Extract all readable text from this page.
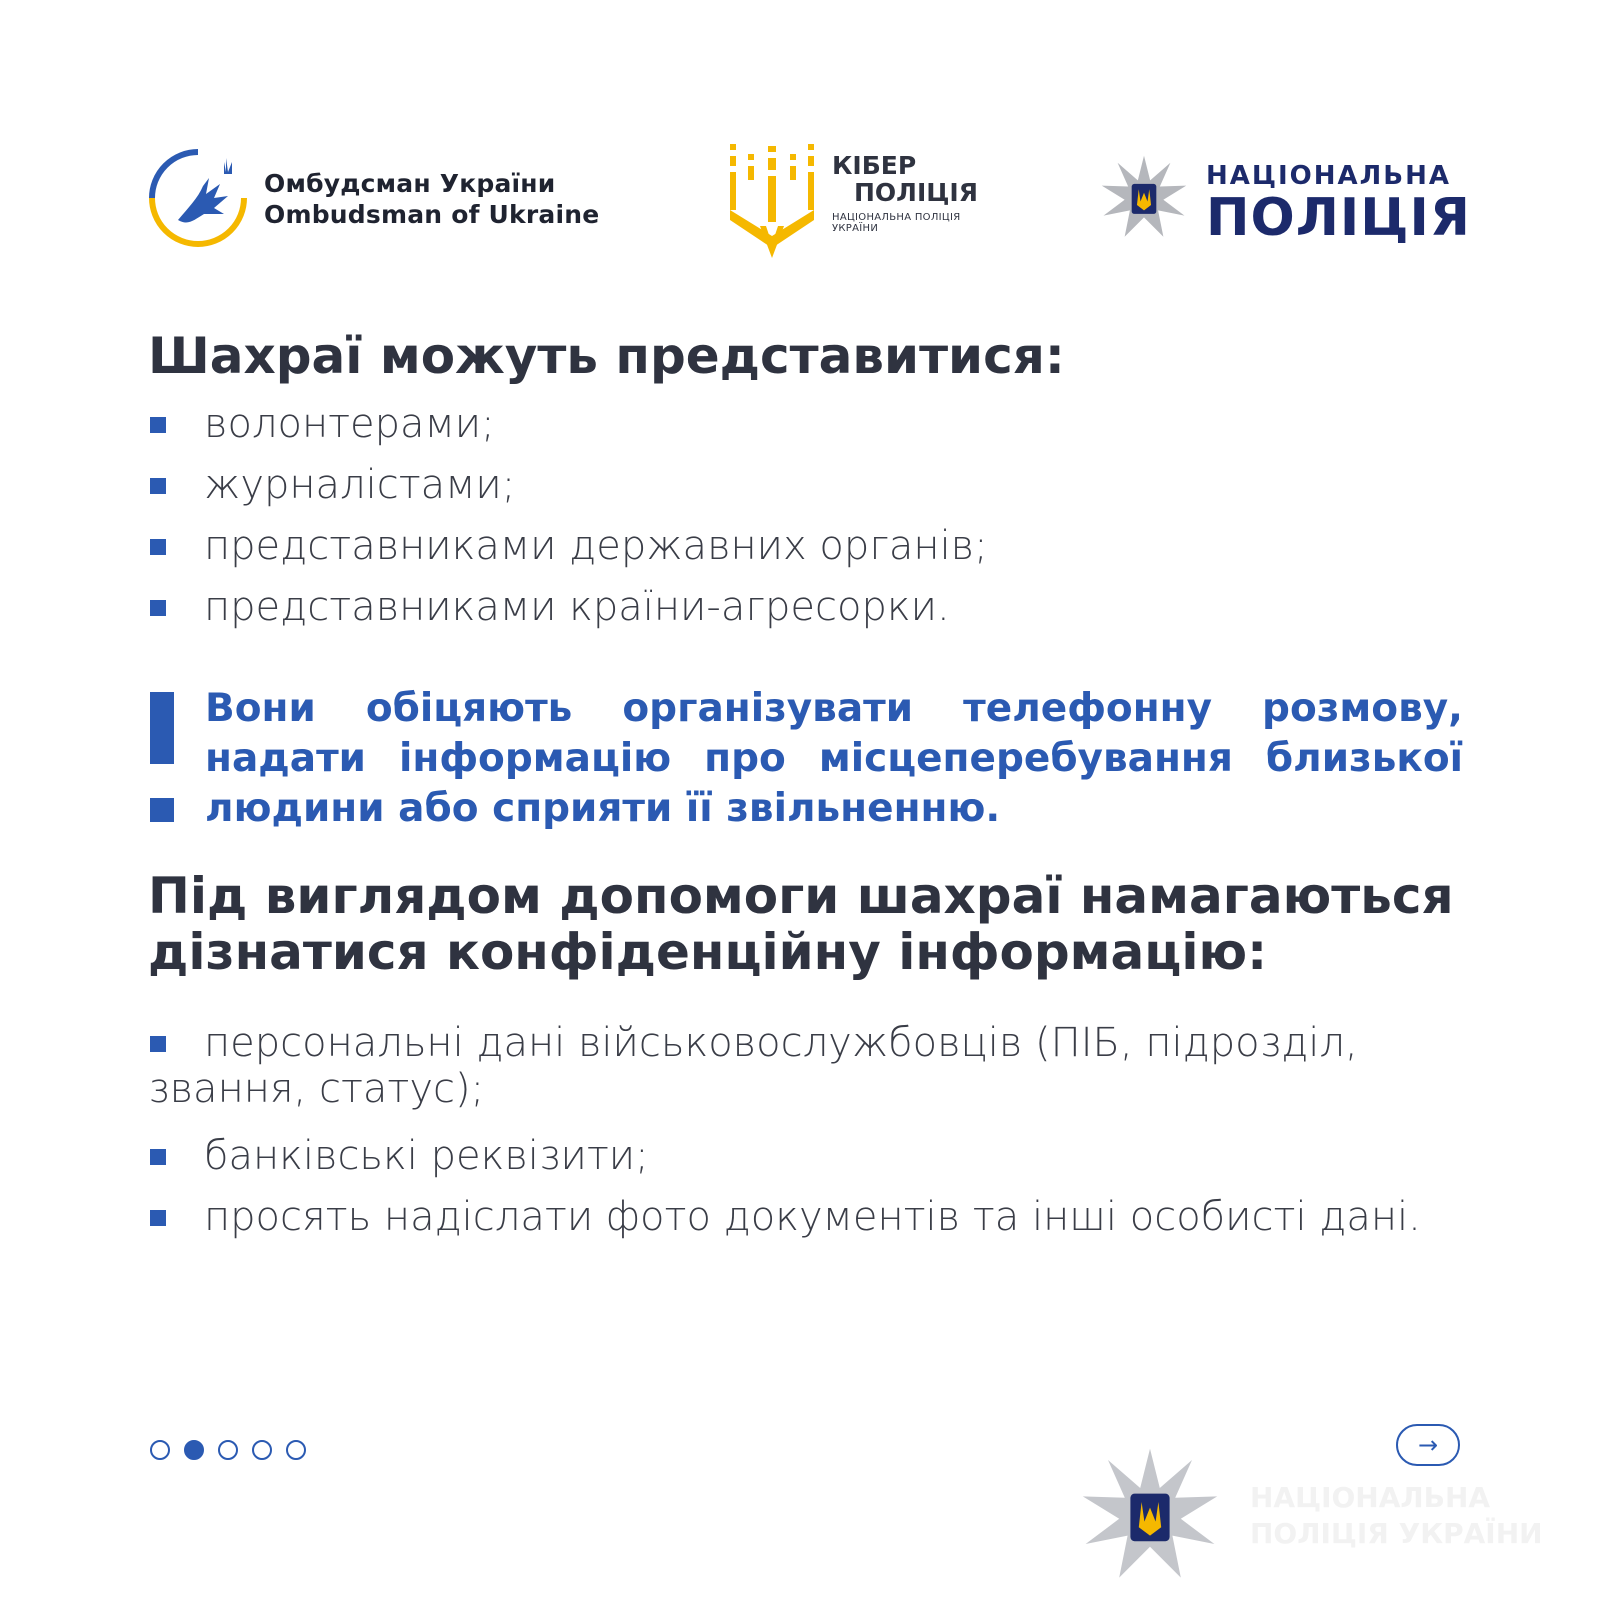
Омбудсман України
Ombudsman of Ukraine
КІБЕР
ПОЛІЦІЯ
НАЦІОНАЛЬНА ПОЛІЦІЯ
УКРАЇНИ
НАЦІОНАЛЬНА
ПОЛІЦІЯ
Шахраї можуть представитися:
волонтерами;
журналістами;
представниками державних органів;
представниками країни-агресорки.
Вони обіцяють організувати телефонну розмову, надати інформацію про місцеперебування близької людини або сприяти її звільненню.
Під виглядом допомоги шахраї намагаються
дізнатися конфіденційну інформацію:
персональні дані військовослужбовців (ПІБ, підрозділ, звання, статус);
банківські реквізити;
просять надіслати фото документів та інші особисті дані.
→
НАЦІОНАЛЬНА
ПОЛІЦІЯ УКРАЇНИ
